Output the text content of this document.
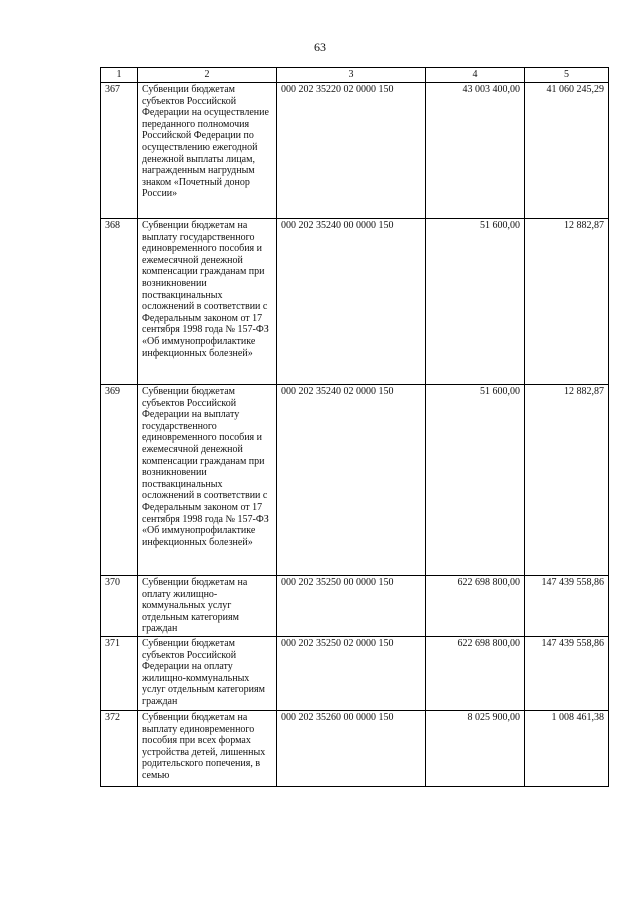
63
1	2	3	4	5
367	Субвенции бюджетам субъектов Российской Федерации на осуществление переданного полномочия Российской Федерации по осуществлению ежегодной денежной выплаты лицам, награжденным нагрудным знаком «Почетный донор России»	000 202 35220 02 0000 150	43 003 400,00	41 060 245,29
368	Субвенции бюджетам на выплату государственного единовременного пособия и ежемесячной денежной компенсации гражданам при возникновении поствакцинальных осложнений в соответствии с Федеральным законом от 17 сентября 1998 года № 157-ФЗ «Об иммунопрофилактике инфекционных болезней»	000 202 35240 00 0000 150	51 600,00	12 882,87
369	Субвенции бюджетам субъектов Российской Федерации на выплату государственного единовременного пособия и ежемесячной денежной компенсации гражданам при возникновении поствакцинальных осложнений в соответствии с Федеральным законом от 17 сентября 1998 года № 157-ФЗ «Об иммунопрофилактике инфекционных болезней»	000 202 35240 02 0000 150	51 600,00	12 882,87
370	Субвенции бюджетам на оплату жилищно-коммунальных услуг отдельным категориям граждан	000 202 35250 00 0000 150	622 698 800,00	147 439 558,86
371	Субвенции бюджетам субъектов Российской Федерации на оплату жилищно-коммунальных услуг отдельным категориям граждан	000 202 35250 02 0000 150	622 698 800,00	147 439 558,86
372	Субвенции бюджетам на выплату единовременного пособия при всех формах устройства детей, лишенных родительского попечения, в семью	000 202 35260 00 0000 150	8 025 900,00	1 008 461,38
